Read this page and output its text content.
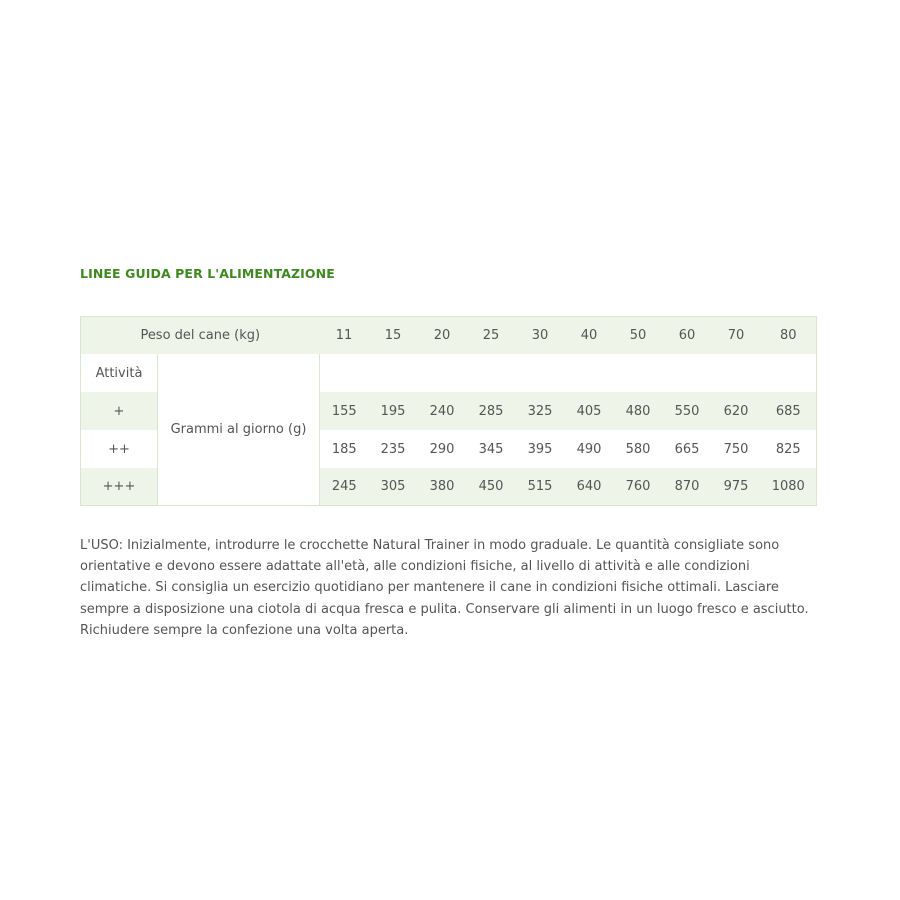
LINEE GUIDA PER L'ALIMENTAZIONE
Peso del cane (kg)		11	15	20	25	30	40	50	60	70	80
Attività	Grammi al giorno (g)										
+		155	195	240	285	325	405	480	550	620	685
++		185	235	290	345	395	490	580	665	750	825
+++		245	305	380	450	515	640	760	870	975	1080

L'USO: Inizialmente, introdurre le crocchette Natural Trainer in modo graduale. Le quantità consigliate sono orientative e devono essere adattate all'età, alle condizioni fisiche, al livello di attività e alle condizioni climatiche. Si consiglia un esercizio quotidiano per mantenere il cane in condizioni fisiche ottimali. Lasciare sempre a disposizione una ciotola di acqua fresca e pulita. Conservare gli alimenti in un luogo fresco e asciutto. Richiudere sempre la confezione una volta aperta.
